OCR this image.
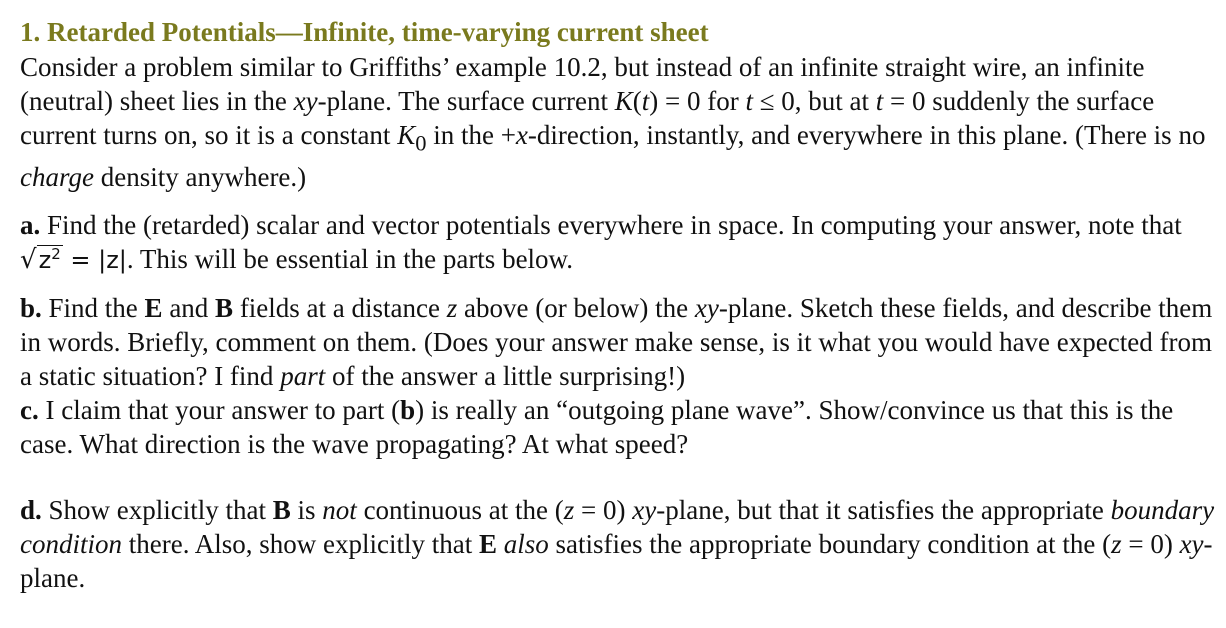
1. Retarded Potentials—Infinite, time-varying current sheet

Consider a problem similar to Griffiths’ example 10.2, but instead of an infinite straight wire, an infinite (neutral) sheet lies in the xy-plane. The surface current K(t) = 0 for t ≤ 0, but at t = 0 suddenly the surface current turns on, so it is a constant $K_0$ in the +x-direction, instantly, and everywhere in this plane. (There is no charge density anywhere.)

a. Find the (retarded) scalar and vector potentials everywhere in space. In computing your answer, note that $√z^2 = |z|$. This will be essential in the parts below.

b. Find the E and B fields at a distance z above (or below) the xy-plane. Sketch these fields, and describe them in words. Briefly, comment on them. (Does your answer make sense, is it what you would have expected from a static situation? I find part of the answer a little surprising!)

c. I claim that your answer to part (b) is really an “outgoing plane wave”. Show/convince us that this is the case. What direction is the wave propagating? At what speed?

d. Show explicitly that B is not continuous at the (z = 0) xy-plane, but that it satisfies the appropriate boundary condition there. Also, show explicitly that E also satisfies the appropriate boundary condition at the (z = 0) xy-plane.
